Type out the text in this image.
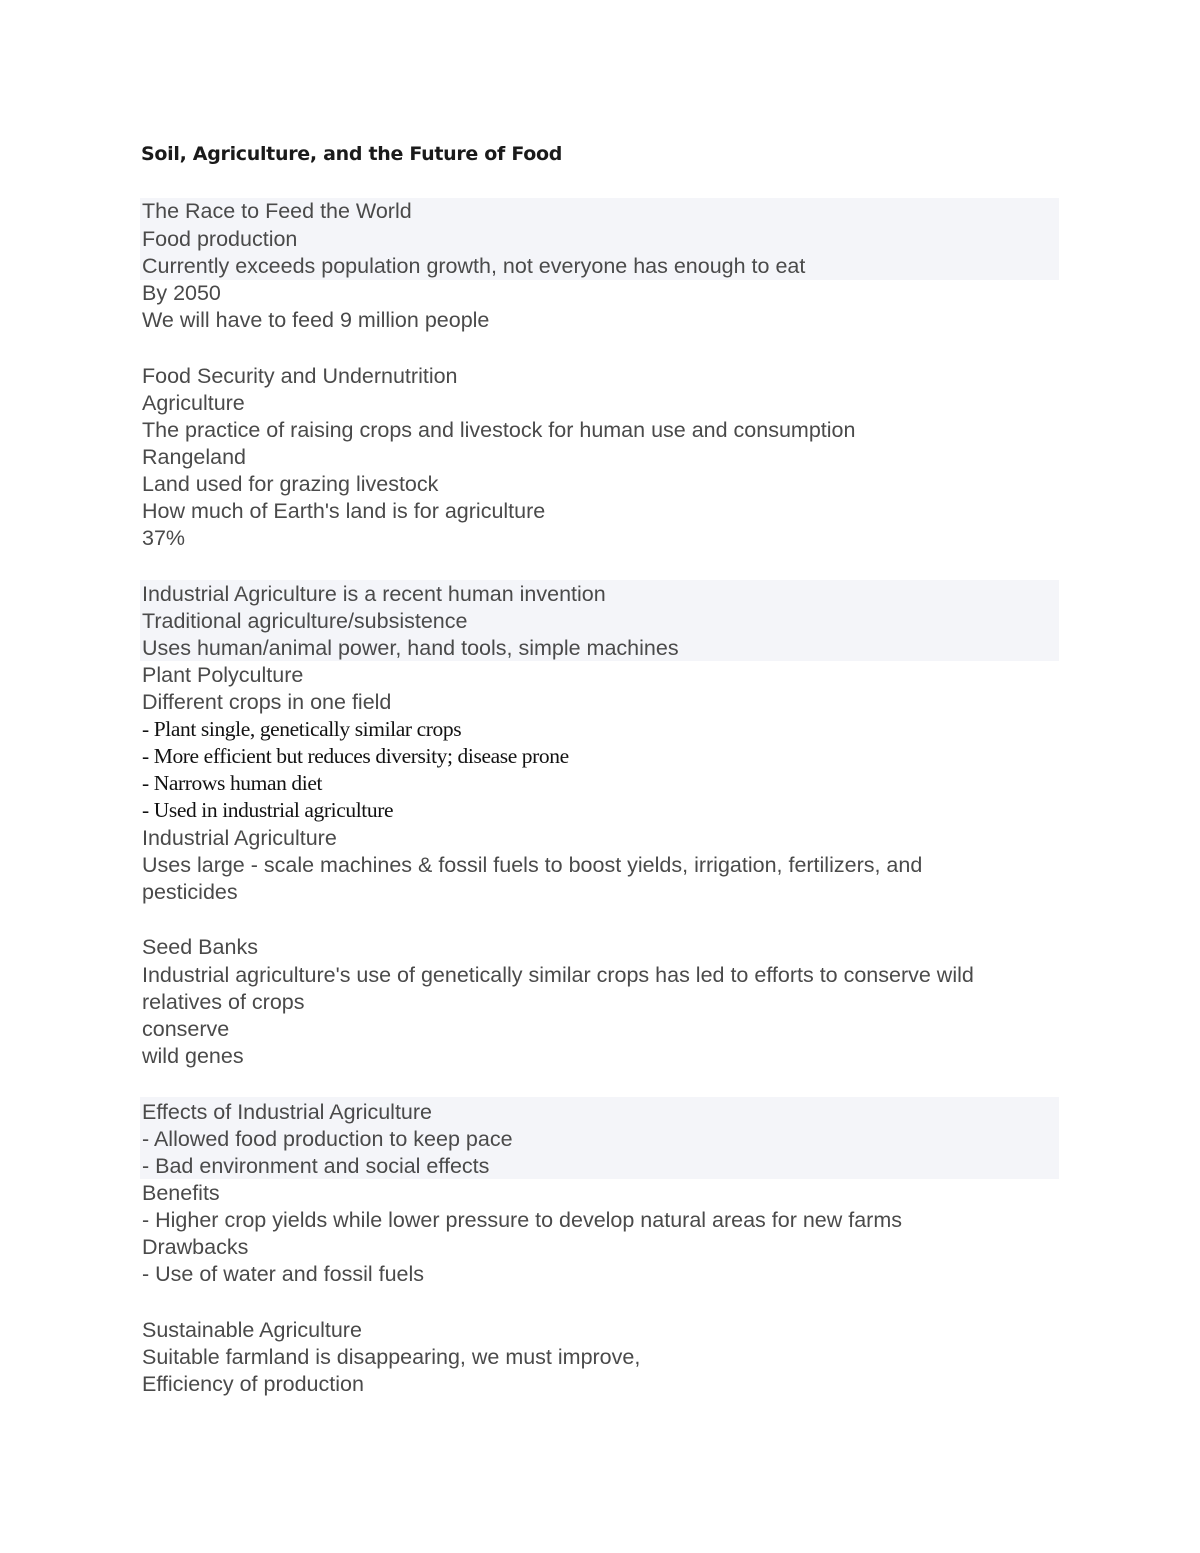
Soil, Agriculture, and the Future of Food
The Race to Feed the World
Food production
Currently exceeds population growth, not everyone has enough to eat
By 2050
We will have to feed 9 million people
Food Security and Undernutrition
Agriculture
The practice of raising crops and livestock for human use and consumption
Rangeland
Land used for grazing livestock
How much of Earth's land is for agriculture
37%
Industrial Agriculture is a recent human invention
Traditional agriculture/subsistence
Uses human/animal power, hand tools, simple machines
Plant Polyculture
Different crops in one field
- Plant single, genetically similar crops
- More efficient but reduces diversity; disease prone
- Narrows human diet
- Used in industrial agriculture
Industrial Agriculture
Uses large - scale machines & fossil fuels to boost yields, irrigation, fertilizers, and
pesticides
Seed Banks
Industrial agriculture's use of genetically similar crops has led to efforts to conserve wild
relatives of crops
conserve
wild genes
Effects of Industrial Agriculture
- Allowed food production to keep pace
- Bad environment and social effects
Benefits
- Higher crop yields while lower pressure to develop natural areas for new farms
Drawbacks
- Use of water and fossil fuels
Sustainable Agriculture
Suitable farmland is disappearing, we must improve,
Efficiency of production
